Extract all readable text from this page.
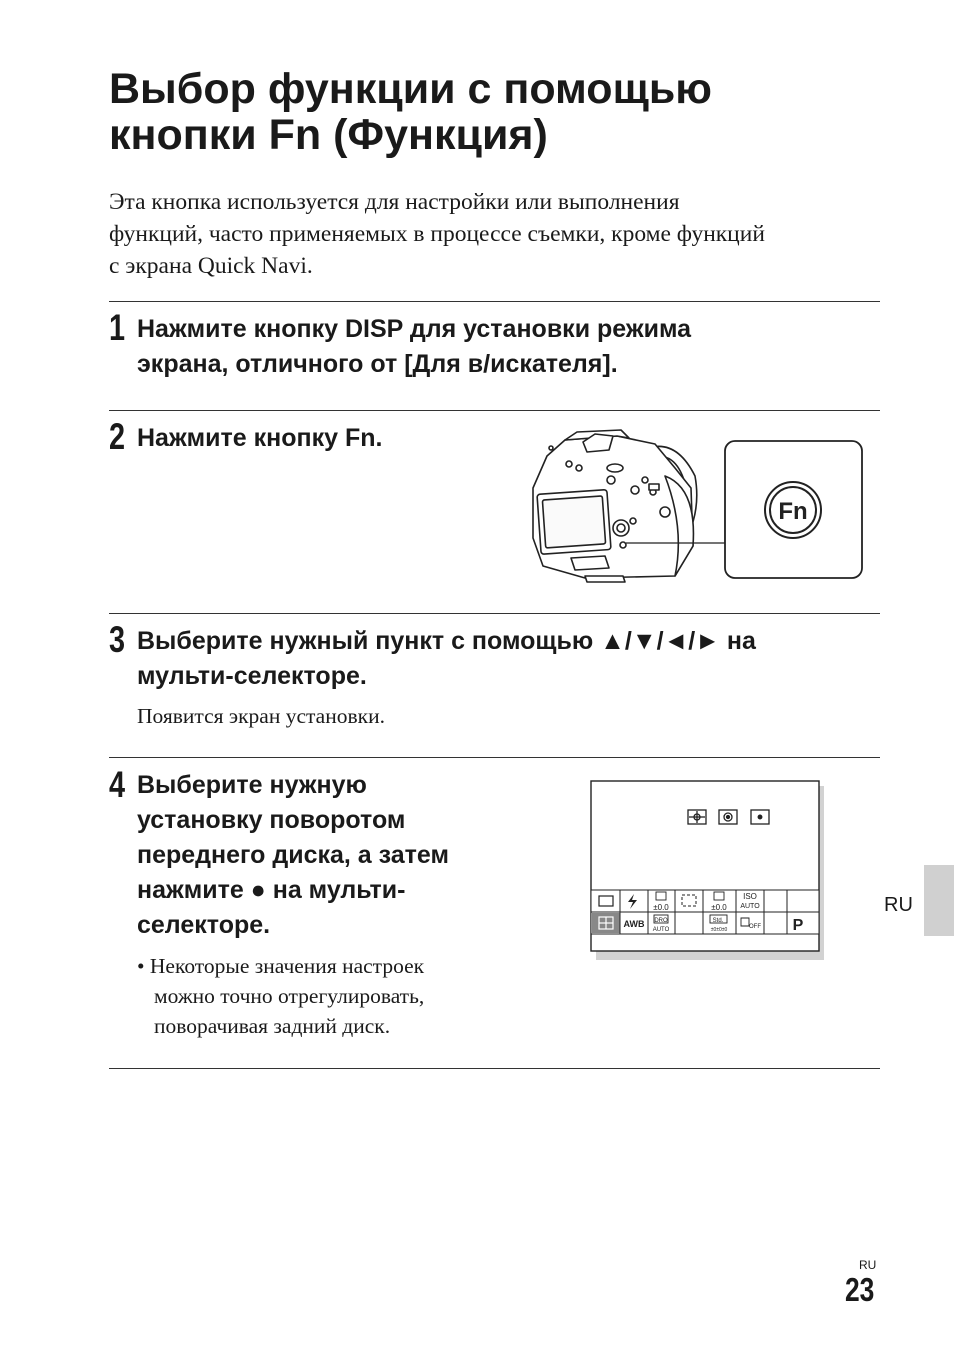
Выбор функции с помощью
кнопки Fn (Функция)

Эта кнопка используется для настройки или выполнения
функций, часто применяемых в процессе съемки, кроме функций
с экрана Quick Navi.

1 Нажмите кнопку DISP для установки режима
экрана, отличного от [Для в/искателя].

2 Нажмите кнопку Fn.

Fn
3 Выберите нужный пункт с помощью ▲/▼/◄/► на
мульти-селекторе.

Появится экран установки.

4 Выберите нужную
установку поворотом
переднего диска, а затем
нажмите ● на мульти-
селекторе.

• Некоторые значения настроек
можно точно отрегулировать,
поворачивая задний диск.

±0.0	±0.0
ISO
AUTO
AWB DRO
AUTO
Std.
±0±0±0	OFF P
RU
RU
23
